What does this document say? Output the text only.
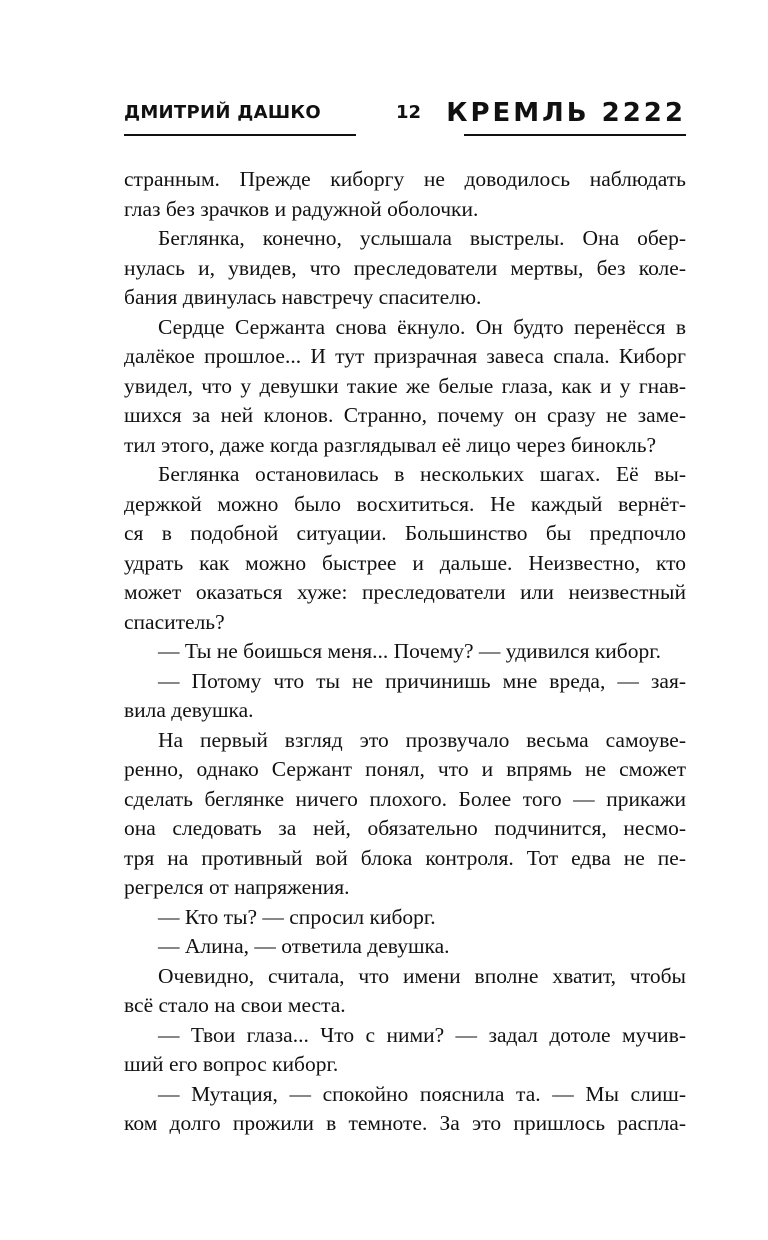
ДМИТРИЙ ДАШКО	12 КРЕМЛЬ 2222
странным. Прежде киборгу не доводилось наблюдать
глаз без зрачков и радужной оболочки.
Беглянка, конечно, услышала выстрелы. Она обер-
нулась и, увидев, что преследователи мертвы, без коле-
бания двинулась навстречу спасителю.
Сердце Сержанта снова ёкнуло. Он будто перенёсся в
далёкое прошлое... И тут призрачная завеса спала. Киборг
увидел, что у девушки такие же белые глаза, как и у гнав-
шихся за ней клонов. Странно, почему он сразу не заме-
тил этого, даже когда разглядывал её лицо через бинокль?
Беглянка остановилась в нескольких шагах. Её вы-
держкой можно было восхититься. Не каждый вернёт-
ся в подобной ситуации. Большинство бы предпочло
удрать как можно быстрее и дальше. Неизвестно, кто
может оказаться хуже: преследователи или неизвестный
спаситель?
— Ты не боишься меня... Почему? — удивился киборг.
— Потому что ты не причинишь мне вреда, — зая-
вила девушка.
На первый взгляд это прозвучало весьма самоуве-
ренно, однако Сержант понял, что и впрямь не сможет
сделать беглянке ничего плохого. Более того — прикажи
она следовать за ней, обязательно подчинится, несмо-
тря на противный вой блока контроля. Тот едва не пе-
регрелся от напряжения.
— Кто ты? — спросил киборг.
— Алина, — ответила девушка.
Очевидно, считала, что имени вполне хватит, чтобы
всё стало на свои места.
— Твои глаза... Что с ними? — задал дотоле мучив-
ший его вопрос киборг.
— Мутация, — спокойно пояснила та. — Мы слиш-
ком долго прожили в темноте. За это пришлось распла-
